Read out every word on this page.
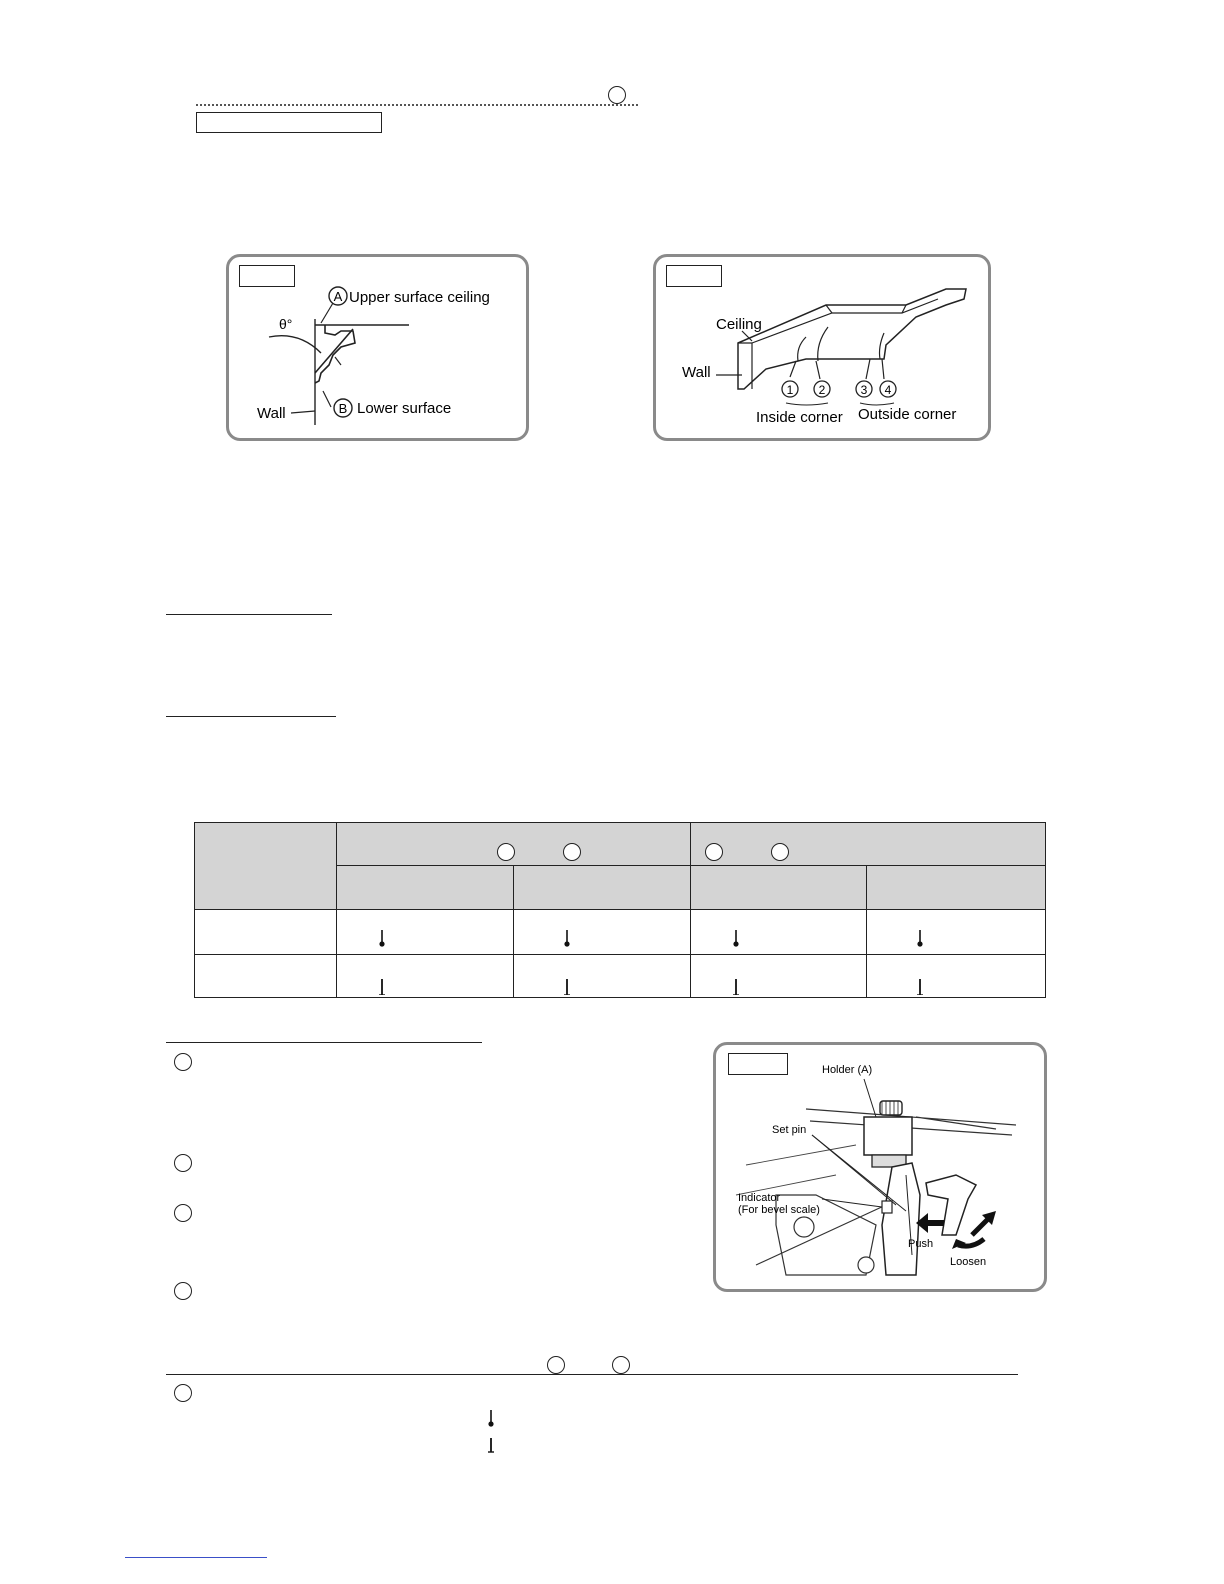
A Upper surface ceiling
B Lower surface
θ°
Wall
1 2	3 4
Ceiling
Wall
Inside corner Outside corner

Holder (A)
Set pin
Indicator
(For bevel scale)
Push
Loosen
